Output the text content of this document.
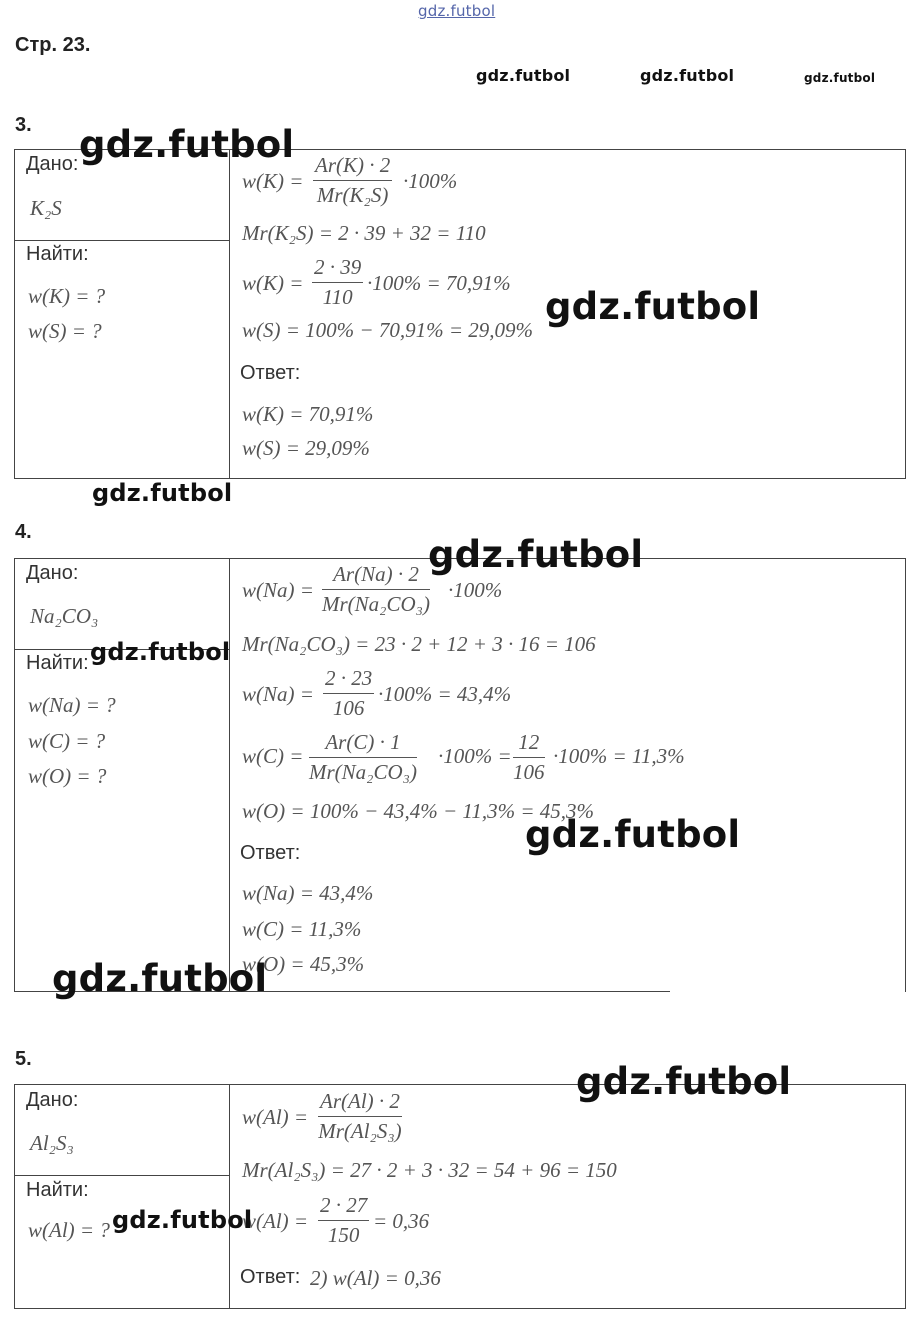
gdz.futbol
Стр. 23.
gdz.futbol	gdz.futbol	gdz.futbol
3.
Дано:
K₂S
Найти:
w(K) = ?
w(S) = ?
$w(K) = \frac{Ar(K) \cdot 2}{\text{Mr(K₂S)}} \cdot 100\%$
Mr(K₂S) = 2 · 39 + 32 = 110
$w(K) = \frac{2 \cdot 39}{110} \cdot 100\% = 70,91\%$
w(S) = 100% − 70,91% = 29,09%
Ответ:
w(K) = 70,91%
w(S) = 29,09%
gdz.futbol
gdz.futbol
gdz.futbol
4.
Дано:
Na₂CO₃
Найти:
w(Na) = ?
w(C) = ?
w(O) = ?
$w(Na) = \frac{Ar(Na) \cdot 2}{\text{Mr(Na₂CO₃)}} \cdot 100\%$
Mr(Na₂CO₃) = 23 · 2 + 12 + 3 · 16 = 106
$w(Na) = \frac{2 \cdot 23}{106} \cdot 100\% = 43,4\%$
$w(C) = \frac{Ar(C) \cdot 1}{\text{Mr(Na₂CO₃)}} \cdot 100\% = \frac{12}{106} \cdot 100\% = 11,3\%$
w(O) = 100% − 43,4% − 11,3% = 45,3%
Ответ:
w(Na) = 43,4%
w(C) = 11,3%
w(O) = 45,3%
gdz.futbol
gdz.futbol
gdz.futbol
gdz.futbol
5.
Дано:
Al₂S₃
Найти:
w(Al) = ?
$w(Al) = \frac{Ar(Al) \cdot 2}{\text{Mr(Al₂S₃)}}$
Mr(Al₂S₃) = 27 · 2 + 3 · 32 = 54 + 96 = 150
$w(Al) = \frac{2 \cdot 27}{150} = 0,36$
Ответ: 2) w(Al) = 0,36
gdz.futbol
gdz.futbol
